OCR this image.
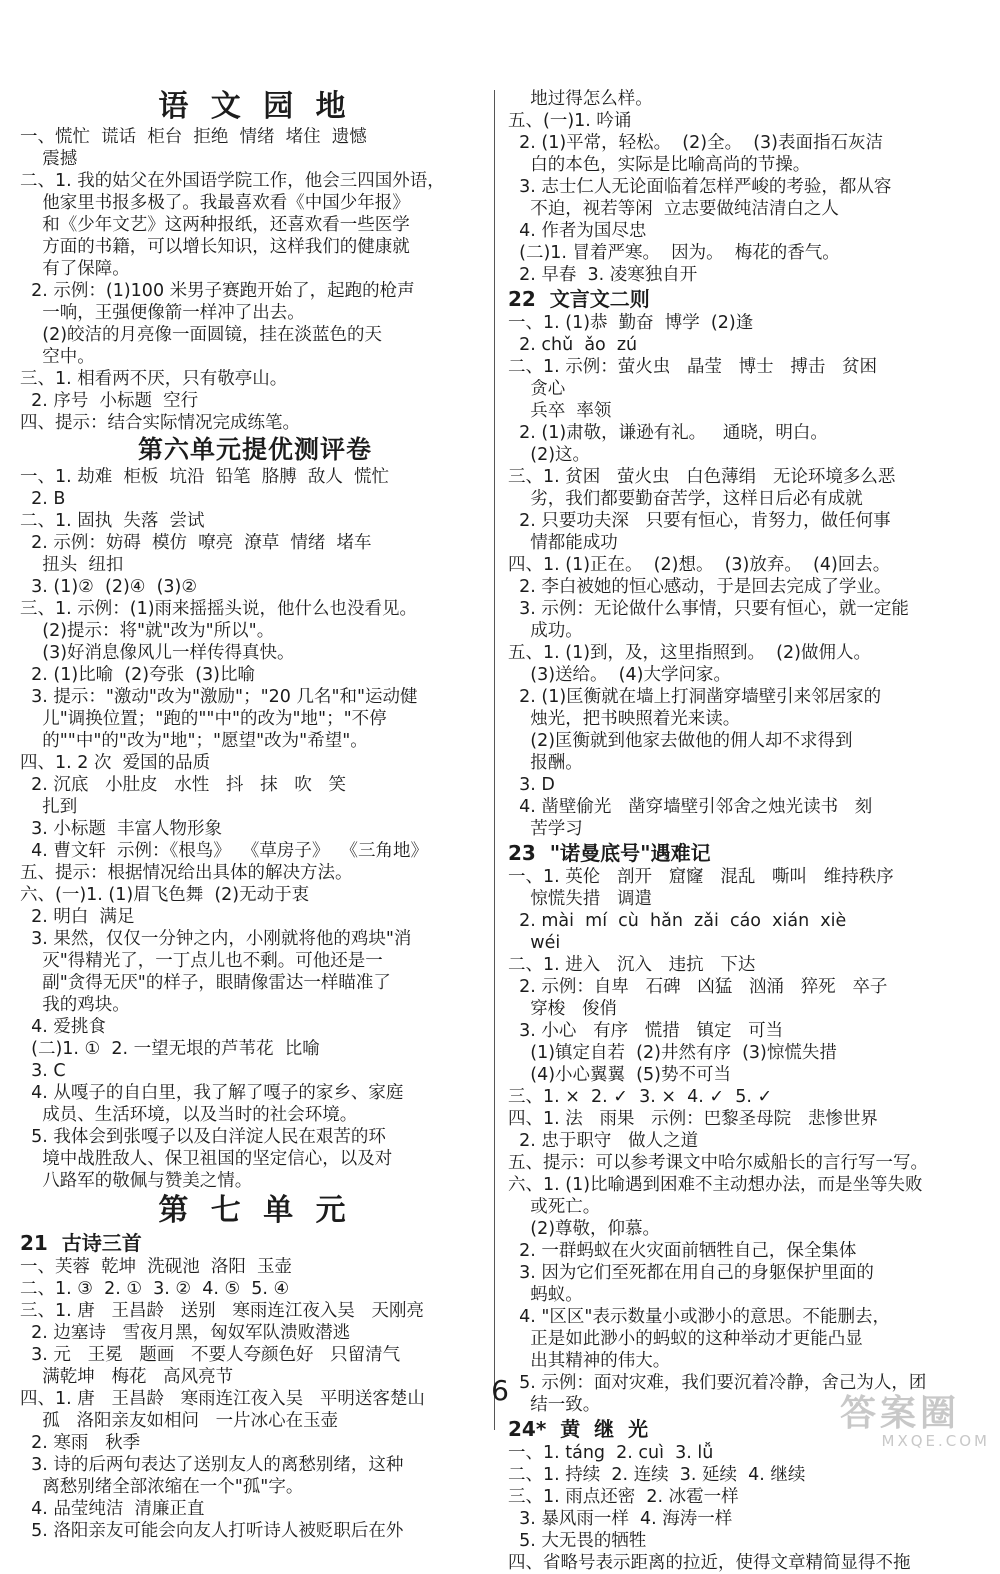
语 文 园 地
一、慌忙  谎话  柜台  拒绝  情绪  堵住  遗憾
震撼
二、1. 我的姑父在外国语学院工作，他会三四国外语，
他家里书报多极了。我最喜欢看《中国少年报》
和《少年文艺》这两种报纸，还喜欢看一些医学
方面的书籍，可以增长知识，这样我们的健康就
有了保障。
2. 示例：(1)100 米男子赛跑开始了，起跑的枪声
一响，王强便像箭一样冲了出去。
(2)皎洁的月亮像一面圆镜，挂在淡蓝色的天
空中。
三、1. 相看两不厌，只有敬亭山。
2. 序号  小标题  空行
四、提示：结合实际情况完成练笔。
第六单元提优测评卷
一、1. 劫难  柜板  坑沿  铅笔  胳膊  敌人  慌忙
2. B
二、1. 固执  失落  尝试
2. 示例：妨碍  模仿  嘹亮  潦草  情绪  堵车
扭头  纽扣
3. (1)②  (2)④  (3)②
三、1. 示例：(1)雨来摇摇头说，他什么也没看见。
(2)提示：将"就"改为"所以"。
(3)好消息像风儿一样传得真快。
2. (1)比喻  (2)夸张  (3)比喻
3. 提示："激动"改为"激励"；"20 几名"和"运动健
儿"调换位置；"跑的""中"的改为"地"；"不停
的""中"的"改为"地"；"愿望"改为"希望"。
四、1. 2 次  爱国的品质
2. 沉底   小肚皮   水性   抖   抹   吹   笑
扎到
3. 小标题  丰富人物形象
4. 曹文轩  示例：《根鸟》  《草房子》  《三角地》
五、提示：根据情况给出具体的解决方法。
六、(一)1. (1)眉飞色舞  (2)无动于衷
2. 明白  满足
3. 果然，仅仅一分钟之内，小刚就将他的鸡块"消
灭"得精光了，一丁点儿也不剩。可他还是一
副"贪得无厌"的样子，眼睛像雷达一样瞄准了
我的鸡块。
4. 爱挑食
(二)1. ①  2. 一望无垠的芦苇花  比喻
3. C
4. 从嘎子的自白里，我了解了嘎子的家乡、家庭
成员、生活环境，以及当时的社会环境。
5. 我体会到张嘎子以及白洋淀人民在艰苦的环
境中战胜敌人、保卫祖国的坚定信心，以及对
八路军的敬佩与赞美之情。
第 七 单 元
21  古诗三首
一、芙蓉  乾坤  洗砚池  洛阳  玉壶
二、1. ③  2. ①  3. ②  4. ⑤  5. ④
三、1. 唐   王昌龄   送别   寒雨连江夜入吴   天刚亮
2. 边塞诗   雪夜月黑，匈奴军队溃败潜逃
3. 元   王冕   题画   不要人夸颜色好   只留清气
满乾坤   梅花   高风亮节
四、1. 唐   王昌龄   寒雨连江夜入吴   平明送客楚山
孤   洛阳亲友如相问   一片冰心在玉壶
2. 寒雨   秋季
3. 诗的后两句表达了送别友人的离愁别绪，这种
离愁别绪全部浓缩在一个"孤"字。
4. 品莹纯洁  清廉正直
5. 洛阳亲友可能会向友人打听诗人被贬职后在外
地过得怎么样。
五、(一)1. 吟诵
2. (1)平常，轻松。  (2)全。  (3)表面指石灰洁
白的本色，实际是比喻高尚的节操。
3. 志士仁人无论面临着怎样严峻的考验，都从容
不迫，视若等闲  立志要做纯洁清白之人
4. 作者为国尽忠
(二)1. 冒着严寒。  因为。  梅花的香气。
2. 早春  3. 凌寒独自开
22  文言文二则
一、1. (1)恭  勤奋  博学  (2)逢
2. chǔ  ǎo  zú
二、1. 示例：萤火虫   晶莹   博士   搏击   贫困
贪心
兵卒  率领
2. (1)肃敬，谦逊有礼。   通晓，明白。
(2)这。
三、1. 贫困   萤火虫   白色薄绢   无论环境多么恶
劣，我们都要勤奋苦学，这样日后必有成就
2. 只要功夫深   只要有恒心，肯努力，做任何事
情都能成功
四、1. (1)正在。  (2)想。  (3)放弃。  (4)回去。
2. 李白被她的恒心感动，于是回去完成了学业。
3. 示例：无论做什么事情，只要有恒心，就一定能
成功。
五、1. (1)到，及，这里指照到。  (2)做佣人。
(3)送给。  (4)大学问家。
2. (1)匡衡就在墙上打洞凿穿墙壁引来邻居家的
烛光，把书映照着光来读。
(2)匡衡就到他家去做他的佣人却不求得到
报酬。
3. D
4. 凿壁偷光   凿穿墙壁引邻舍之烛光读书   刻
苦学习
23  "诺曼底号"遇难记
一、1. 英伦   剖开   窟窿   混乱   嘶叫   维持秩序
惊慌失措   调遣
2. mài  mí  cù  hǎn  zǎi  cáo  xián  xiè
wéi
二、1. 进入   沉入   违抗   下达
2. 示例：自卑   石碑   凶猛   汹涌   猝死   卒子
穿梭   俊俏
3. 小心   有序   慌措   镇定   可当
(1)镇定自若  (2)井然有序  (3)惊慌失措
(4)小心翼翼  (5)势不可当
三、1. ×  2. ✓  3. ×  4. ✓  5. ✓
四、1. 法   雨果   示例：巴黎圣母院   悲惨世界
2. 忠于职守   做人之道
五、提示：可以参考课文中哈尔威船长的言行写一写。
六、1. (1)比喻遇到困难不主动想办法，而是坐等失败
或死亡。
(2)尊敬，仰慕。
2. 一群蚂蚁在火灾面前牺牲自己，保全集体
3. 因为它们至死都在用自己的身躯保护里面的
蚂蚁。
4. "区区"表示数量小或渺小的意思。不能删去，
正是如此渺小的蚂蚁的这种举动才更能凸显
出其精神的伟大。
5. 示例：面对灾难，我们要沉着冷静，舍己为人，团
结一致。
24*  黄  继  光
一、1. táng  2. cuì  3. lǚ
二、1. 持续  2. 连续  3. 延续  4. 继续
三、1. 雨点还密  2. 冰雹一样
3. 暴风雨一样  4. 海涛一样
5. 大无畏的牺牲
四、省略号表示距离的拉近，使得文章精简显得不拖
6
答案圈
MXQE.COM
